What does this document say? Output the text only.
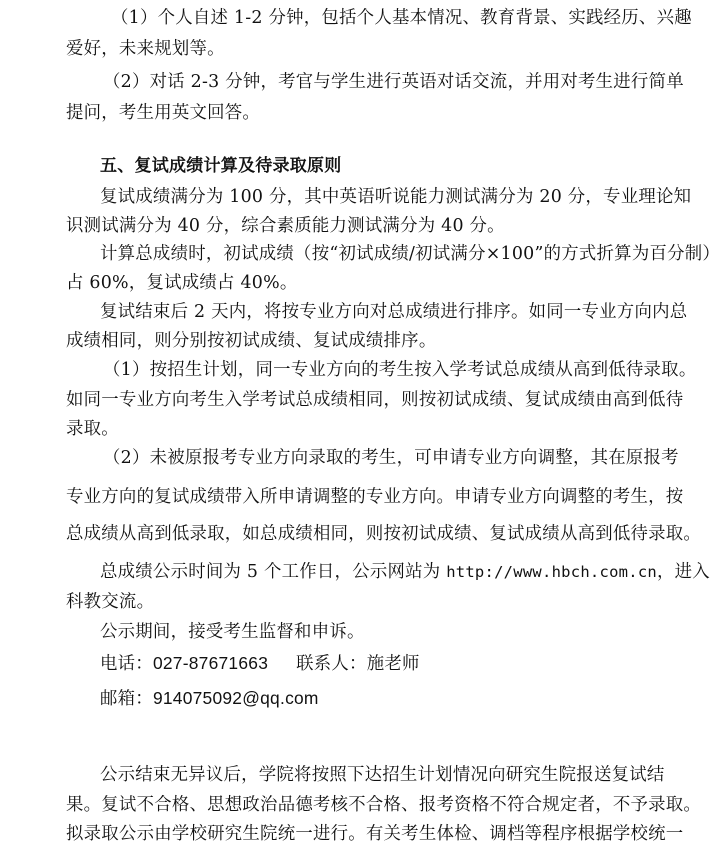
（1）个人自述 1-2 分钟，包括个人基本情况、教育背景、实践经历、兴趣
爱好，未来规划等。
（2）对话 2-3 分钟，考官与学生进行英语对话交流，并用对考生进行简单
提问，考生用英文回答。
五、复试成绩计算及待录取原则
复试成绩满分为 100 分，其中英语听说能力测试满分为 20 分，专业理论知
识测试满分为 40 分，综合素质能力测试满分为 40 分。
计算总成绩时，初试成绩（按“初试成绩/初试满分×100”的方式折算为百分制）
占 60%，复试成绩占 40%。
复试结束后 2 天内，将按专业方向对总成绩进行排序。如同一专业方向内总
成绩相同，则分别按初试成绩、复试成绩排序。
（1）按招生计划，同一专业方向的考生按入学考试总成绩从高到低待录取。
如同一专业方向考生入学考试总成绩相同，则按初试成绩、复试成绩由高到低待
录取。
（2）未被原报考专业方向录取的考生，可申请专业方向调整，其在原报考
专业方向的复试成绩带入所申请调整的专业方向。申请专业方向调整的考生，按
总成绩从高到低录取，如总成绩相同，则按初试成绩、复试成绩从高到低待录取。
总成绩公示时间为 5 个工作日，公示网站为 http://www.hbch.com.cn，进入
科教交流。
公示期间，接受考生监督和申诉。
电话：027-87671663 联系人：施老师
邮箱：914075092@qq.com
公示结束无异议后，学院将按照下达招生计划情况向研究生院报送复试结
果。复试不合格、思想政治品德考核不合格、报考资格不符合规定者，不予录取。
拟录取公示由学校研究生院统一进行。有关考生体检、调档等程序根据学校统一
